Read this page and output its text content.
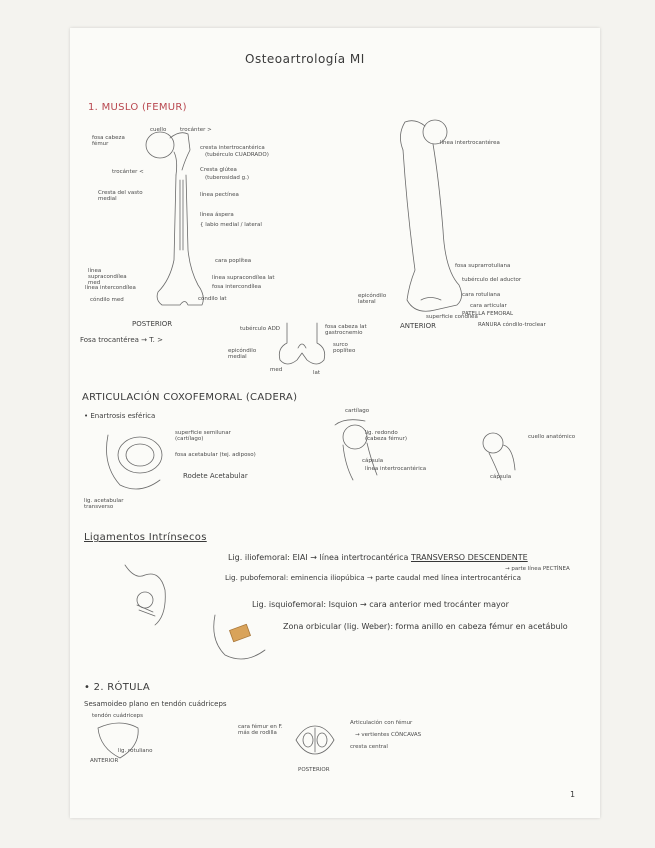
Osteoartrología MI
1. MUSLO (FEMUR)
fosa cabeza fémur
cuello trocánter >
cresta intertrocantérica
(tubérculo CUADRADO)
trocánter <	Cresta glútea
(tuberosidad g.)
Cresta del vasto medial
línea pectínea
línea áspera
{ labio medial / lateral
cara poplítea
línea supracondílea med
línea supracondílea lat
línea intercondílea	fosa intercondílea
cóndilo med	cóndilo lat
POSTERIOR
Fosa trocantérea → T. >
tubérculo ADD
epicóndilo medial
fosa cabeza lat gastrocnemio
surco poplíteo
med	lat
línea intertrocantérea
fosa suprarrotuliana
tubérculo del aductor
cara rotuliana
epicóndilo lateral
superficie condílea
cara articular
PATELLA FEMORAL
RANURA cóndilo-troclear
ANTERIOR
ARTICULACIÓN COXOFEMORAL (CADERA)
• Enartrosis esférica
superficie semilunar (cartílago)
fosa acetabular (tej. adiposo)
Rodete Acetabular
lig. acetabular transverso
cartílago
lig. redondo (cabeza fémur)
cápsula
línea intertrocantérica
cuello anatómico
cápsula
Ligamentos Intrínsecos
Lig. iliofemoral: EIAI → línea intertrocantérica TRANSVERSO DESCENDENTE
Lig. pubofemoral: eminencia iliopúbica → parte caudal med línea intertrocantérica
→ parte línea PECTÍNEA
Lig. isquiofemoral: Isquion → cara anterior med trocánter mayor
Zona orbicular (lig. Weber): forma anillo en cabeza fémur en acetábulo
• 2. RÓTULA
Sesamoideo plano en tendón cuádriceps
tendón cuádriceps
lig. rotuliano
ANTERIOR
cara fémur en F. más de rodilla
Articulación con fémur
→ vertientes CÓNCAVAS
cresta central
POSTERIOR
1
